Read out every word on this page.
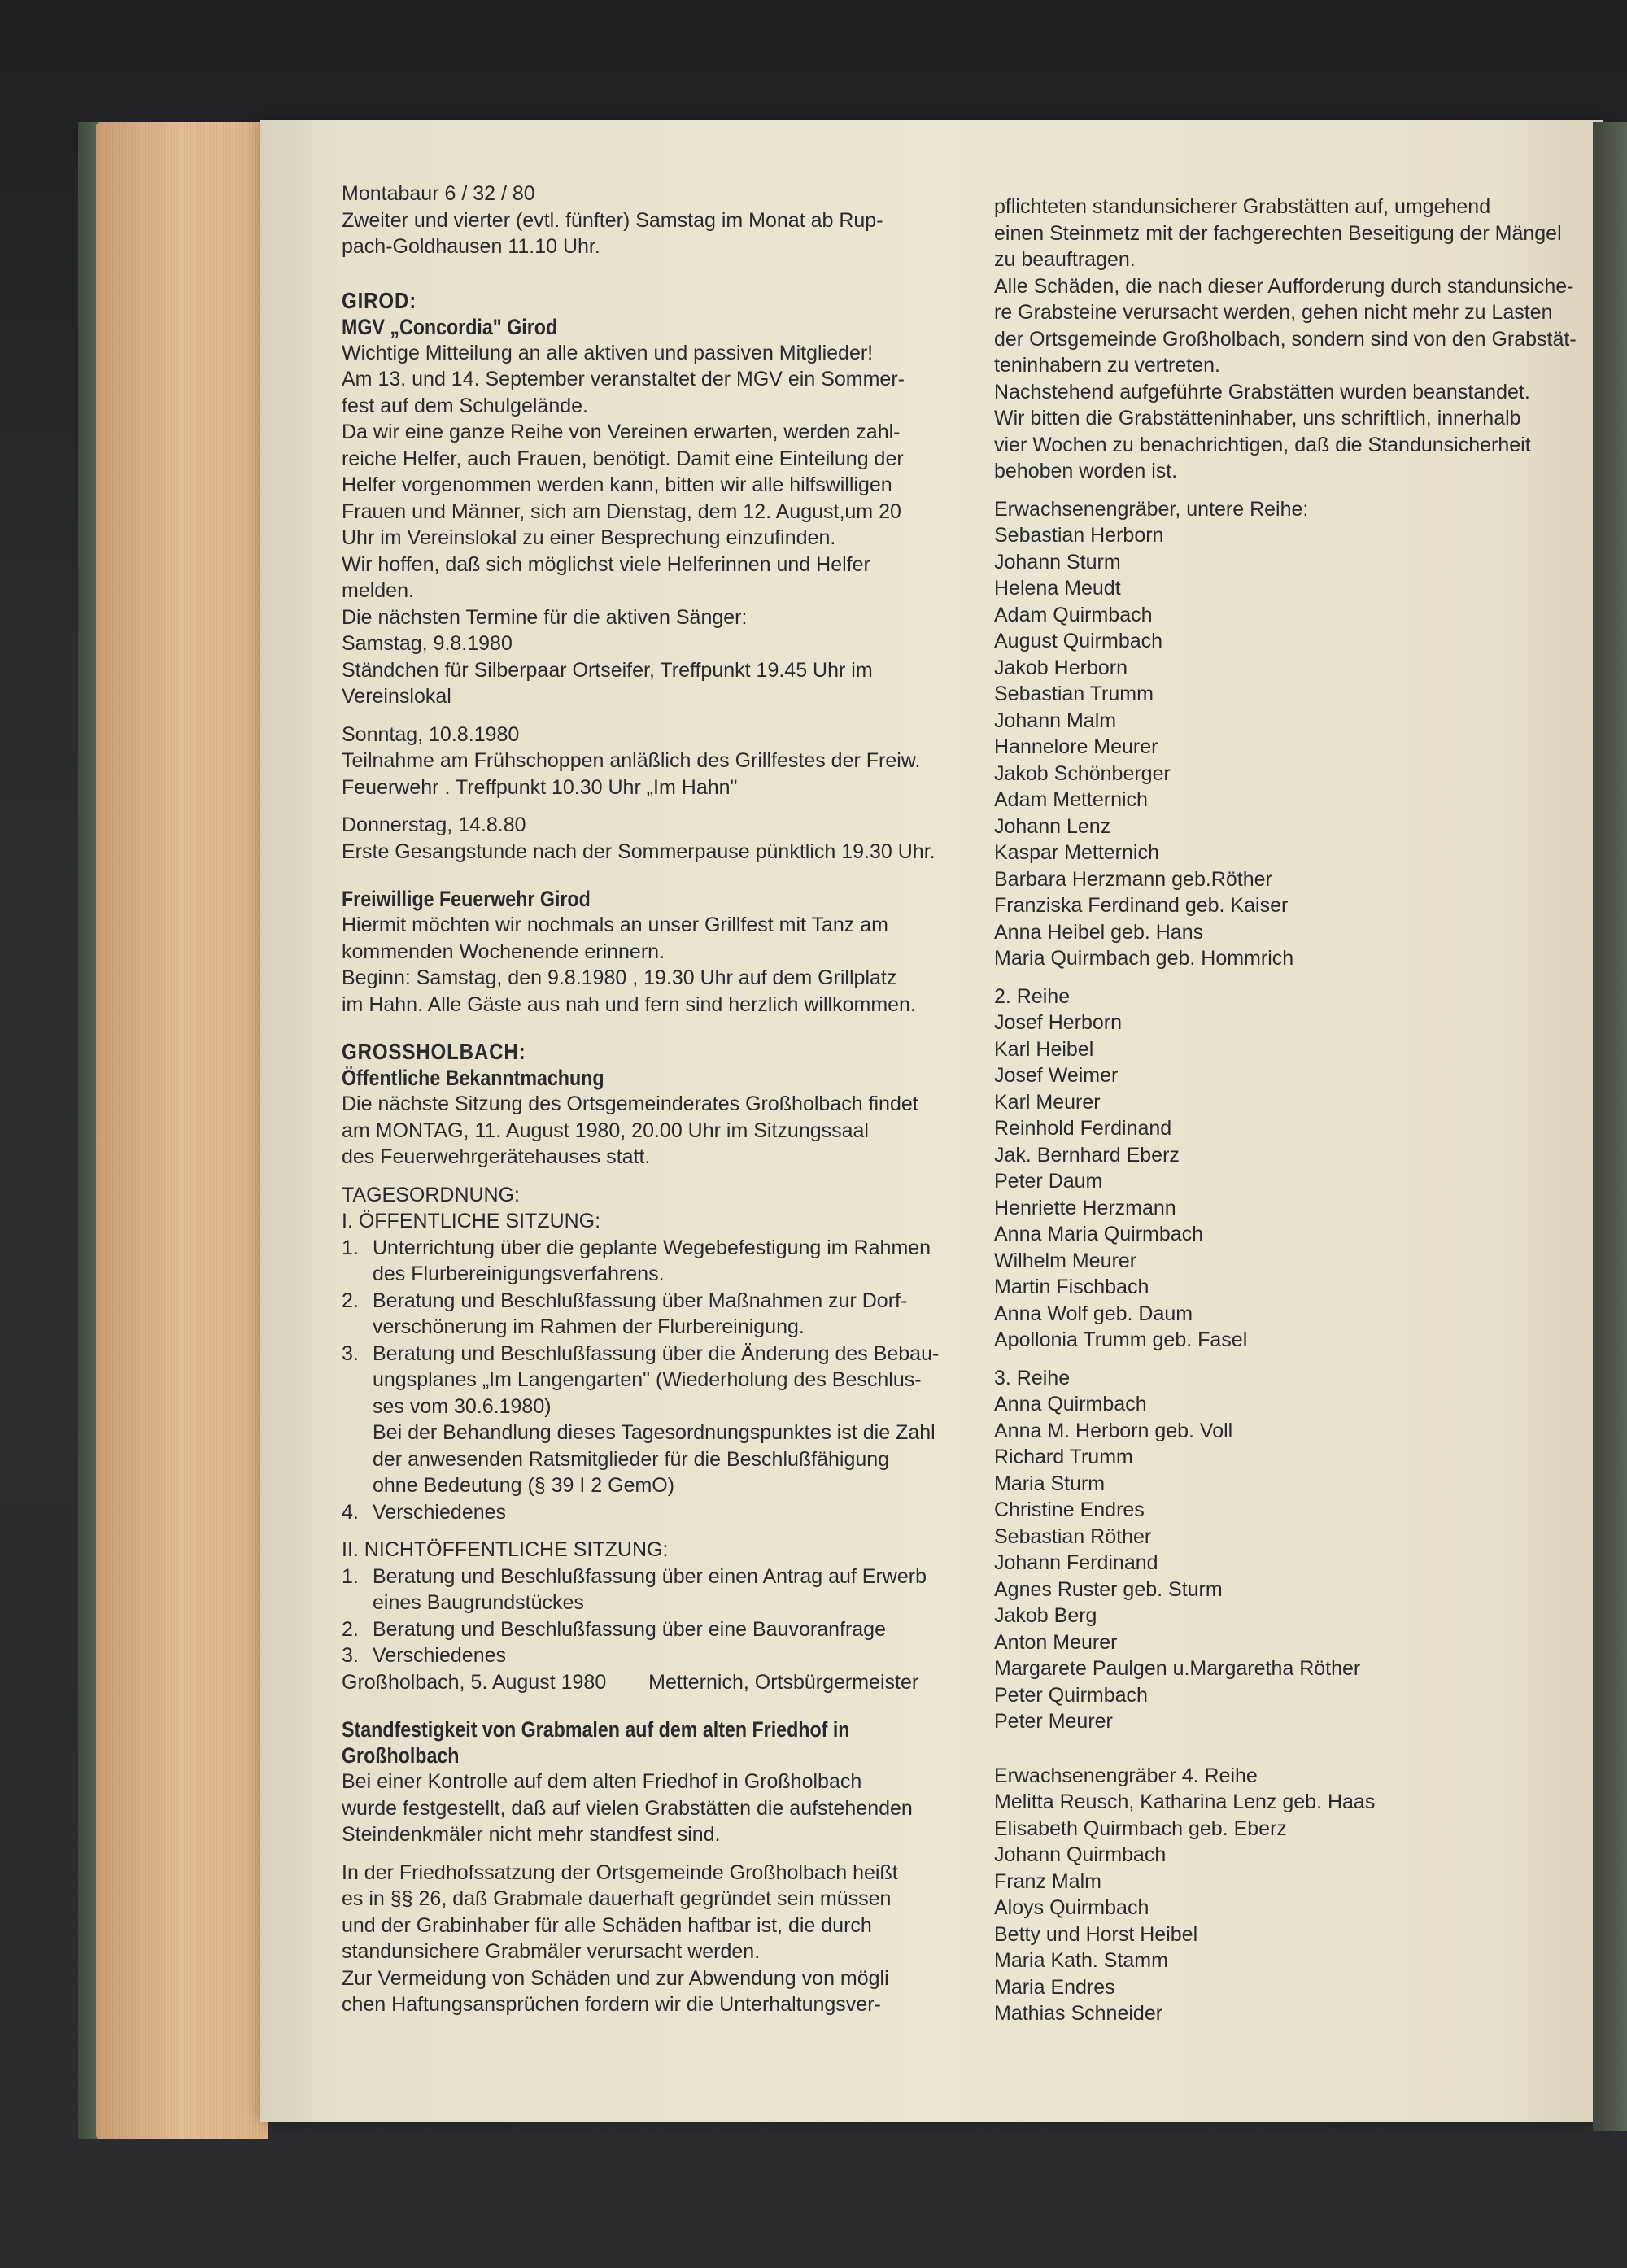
Montabaur 6 / 32 / 80
Zweiter und vierter (evtl. fünfter) Samstag im Monat ab Rup-
pach-Goldhausen 11.10 Uhr.
GIROD:
MGV „Concordia" Girod
Wichtige Mitteilung an alle aktiven und passiven Mitglieder!
Am 13. und 14. September veranstaltet der MGV ein Sommer-
fest auf dem Schulgelände.
Da wir eine ganze Reihe von Vereinen erwarten, werden zahl-
reiche Helfer, auch Frauen, benötigt. Damit eine Einteilung der
Helfer vorgenommen werden kann, bitten wir alle hilfswilligen
Frauen und Männer, sich am Dienstag, dem 12. August,um 20
Uhr im Vereinslokal zu einer Besprechung einzufinden.
Wir hoffen, daß sich möglichst viele Helferinnen und Helfer
melden.
Die nächsten Termine für die aktiven Sänger:
Samstag, 9.8.1980
Ständchen für Silberpaar Ortseifer, Treffpunkt 19.45 Uhr im
Vereinslokal
Sonntag, 10.8.1980
Teilnahme am Frühschoppen anläßlich des Grillfestes der Freiw.
Feuerwehr . Treffpunkt 10.30 Uhr „Im Hahn"
Donnerstag, 14.8.80
Erste Gesangstunde nach der Sommerpause pünktlich 19.30 Uhr.
Freiwillige Feuerwehr Girod
Hiermit möchten wir nochmals an unser Grillfest mit Tanz am
kommenden Wochenende erinnern.
Beginn: Samstag, den 9.8.1980 , 19.30 Uhr auf dem Grillplatz
im Hahn. Alle Gäste aus nah und fern sind herzlich willkommen.
GROSSHOLBACH:
Öffentliche Bekanntmachung
Die nächste Sitzung des Ortsgemeinderates Großholbach findet
am MONTAG, 11. August 1980, 20.00 Uhr im Sitzungssaal
des Feuerwehrgerätehauses statt.
TAGESORDNUNG:
I. ÖFFENTLICHE SITZUNG:
1. Unterrichtung über die geplante Wegebefestigung im Rahmen
des Flurbereinigungsverfahrens.
2. Beratung und Beschlußfassung über Maßnahmen zur Dorf-
verschönerung im Rahmen der Flurbereinigung.
3. Beratung und Beschlußfassung über die Änderung des Bebau-
ungsplanes „Im Langengarten" (Wiederholung des Beschlus-
ses vom 30.6.1980)
Bei der Behandlung dieses Tagesordnungspunktes ist die Zahl
der anwesenden Ratsmitglieder für die Beschlußfähigung
ohne Bedeutung (§ 39 I 2 GemO)
4. Verschiedenes
II. NICHTÖFFENTLICHE SITZUNG:
1. Beratung und Beschlußfassung über einen Antrag auf Erwerb
eines Baugrundstückes
2. Beratung und Beschlußfassung über eine Bauvoranfrage
3. Verschiedenes
Großholbach, 5. August 1980 Metternich, Ortsbürgermeister
Standfestigkeit von Grabmalen auf dem alten Friedhof in
Großholbach
Bei einer Kontrolle auf dem alten Friedhof in Großholbach
wurde festgestellt, daß auf vielen Grabstätten die aufstehenden
Steindenkmäler nicht mehr standfest sind.
In der Friedhofssatzung der Ortsgemeinde Großholbach heißt
es in §§ 26, daß Grabmale dauerhaft gegründet sein müssen
und der Grabinhaber für alle Schäden haftbar ist, die durch
standunsichere Grabmäler verursacht werden.
Zur Vermeidung von Schäden und zur Abwendung von mögli
chen Haftungsansprüchen fordern wir die Unterhaltungsver-
pflichteten standunsicherer Grabstätten auf, umgehend
einen Steinmetz mit der fachgerechten Beseitigung der Mängel
zu beauftragen.
Alle Schäden, die nach dieser Aufforderung durch standunsiche-
re Grabsteine verursacht werden, gehen nicht mehr zu Lasten
der Ortsgemeinde Großholbach, sondern sind von den Grabstät-
teninhabern zu vertreten.
Nachstehend aufgeführte Grabstätten wurden beanstandet.
Wir bitten die Grabstätteninhaber, uns schriftlich, innerhalb
vier Wochen zu benachrichtigen, daß die Standunsicherheit
behoben worden ist.
Erwachsenengräber, untere Reihe:
Sebastian Herborn
Johann Sturm
Helena Meudt
Adam Quirmbach
August Quirmbach
Jakob Herborn
Sebastian Trumm
Johann Malm
Hannelore Meurer
Jakob Schönberger
Adam Metternich
Johann Lenz
Kaspar Metternich
Barbara Herzmann geb.Röther
Franziska Ferdinand geb. Kaiser
Anna Heibel geb. Hans
Maria Quirmbach geb. Hommrich
2. Reihe
Josef Herborn
Karl Heibel
Josef Weimer
Karl Meurer
Reinhold Ferdinand
Jak. Bernhard Eberz
Peter Daum
Henriette Herzmann
Anna Maria Quirmbach
Wilhelm Meurer
Martin Fischbach
Anna Wolf geb. Daum
Apollonia Trumm geb. Fasel
3. Reihe
Anna Quirmbach
Anna M. Herborn geb. Voll
Richard Trumm
Maria Sturm
Christine Endres
Sebastian Röther
Johann Ferdinand
Agnes Ruster geb. Sturm
Jakob Berg
Anton Meurer
Margarete Paulgen u.Margaretha Röther
Peter Quirmbach
Peter Meurer
Erwachsenengräber 4. Reihe
Melitta Reusch, Katharina Lenz geb. Haas
Elisabeth Quirmbach geb. Eberz
Johann Quirmbach
Franz Malm
Aloys Quirmbach
Betty und Horst Heibel
Maria Kath. Stamm
Maria Endres
Mathias Schneider
